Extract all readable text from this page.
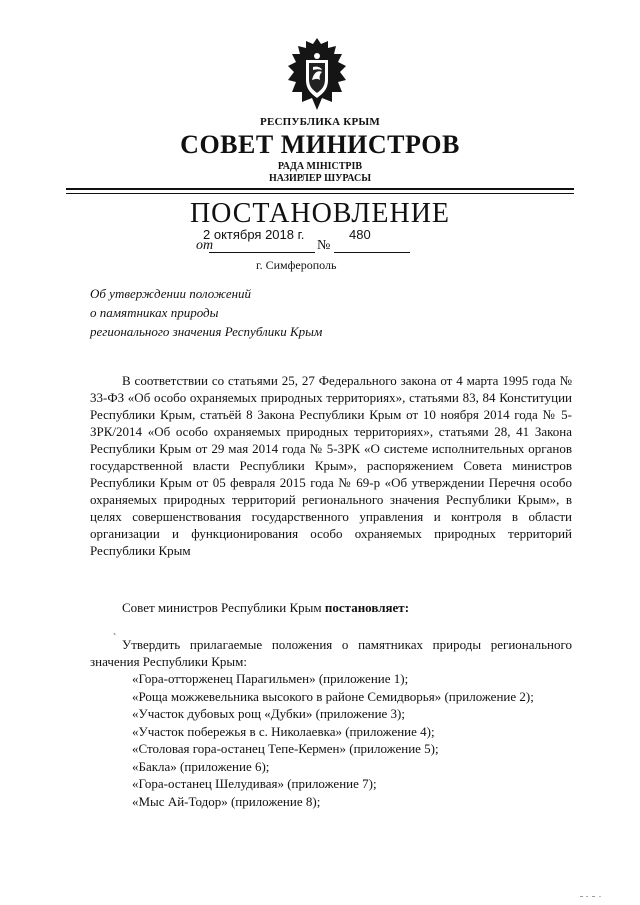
РЕСПУБЛИКА КРЫМ
СОВЕТ МИНИСТРОВ
РАДА МІНІСТРІВ
НАЗИРЛЕР ШУРАСЫ
ПОСТАНОВЛЕНИЕ
2 октября 2018 г.	480
от	№
г. Симферополь
Об утверждении положений
о памятниках природы
регионального значения Республики Крым
В соответствии со статьями 25, 27 Федерального закона от 4 марта 1995 года № 33-ФЗ «Об особо охраняемых природных территориях», статьями 83, 84 Конституции Республики Крым, статьёй 8 Закона Республики Крым от 10 ноября 2014 года № 5-ЗРК/2014 «Об особо охраняемых природных территориях», статьями 28, 41 Закона Республики Крым от 29 мая 2014 года № 5-ЗРК «О системе исполнительных органов государственной власти Республики Крым», распоряжением Совета министров Республики Крым от 05 февраля 2015 года № 69-р «Об утверждении Перечня особо охраняемых природных территорий регионального значения Республики Крым», в целях совершенствования государственного управления и контроля в области организации и функционирования особо охраняемых природных территорий Республики Крым
Совет министров Республики Крым постановляет:
` Утвердить прилагаемые положения о памятниках природы регионального значения Республики Крым:
«Гора-отторженец Парагильмен» (приложение 1);
«Роща можжевельника высокого в районе Семидворья» (приложение 2);
«Участок дубовых рощ «Дубки» (приложение 3);
«Участок побережья в с. Николаевка» (приложение 4);
«Столовая гора-останец Тепе-Кермен» (приложение 5);
«Бакла» (приложение 6);
«Гора-останец Шелудивая» (приложение 7);
«Мыс Ай-Тодор» (приложение 8);
